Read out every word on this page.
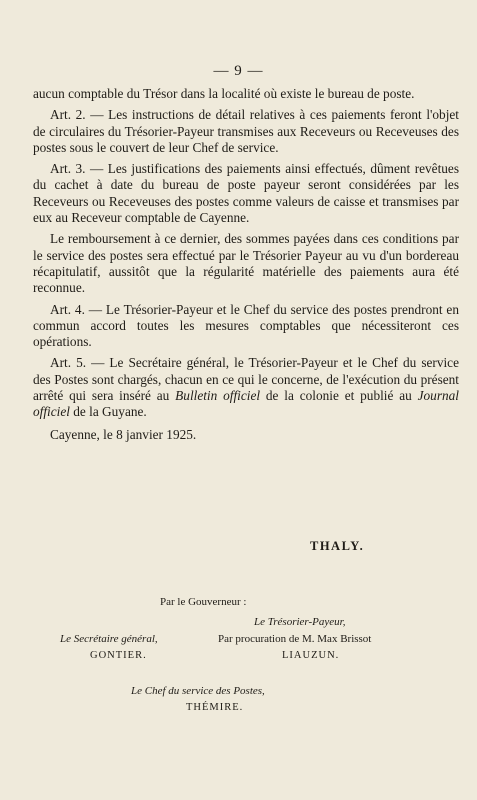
— 9 —

aucun comptable du Trésor dans la localité où existe le bureau de poste.

Art. 2. — Les instructions de détail relatives à ces paiements feront l'objet de circulaires du Trésorier-Payeur transmises aux Receveurs ou Receveuses des postes sous le couvert de leur Chef de service.

Art. 3. — Les justifications des paiements ainsi effectués, dûment revêtues du cachet à date du bureau de poste payeur seront considérées par les Receveurs ou Receveuses des postes comme valeurs de caisse et transmises par eux au Receveur comptable de Cayenne.

Le remboursement à ce dernier, des sommes payées dans ces conditions par le service des postes sera effectué par le Trésorier Payeur au vu d'un bordereau récapitulatif, aussitôt que la régularité matérielle des paiements aura été reconnue.

Art. 4. — Le Trésorier-Payeur et le Chef du service des postes prendront en commun accord toutes les mesures comptables que nécessiteront ces opérations.

Art. 5. — Le Secrétaire général, le Trésorier-Payeur et le Chef du service des Postes sont chargés, chacun en ce qui le concerne, de l'exécution du présent arrêté qui sera inséré au Bulletin officiel de la colonie et publié au Journal officiel de la Guyane.

Cayenne, le 8 janvier 1925.

THALY.
Par le Gouverneur :
Le Trésorier-Payeur,
Le Secrétaire général,	Par procuration de M. Max Brissot
GONTIER.	LIAUZUN.
Le Chef du service des Postes,
THÉMIRE.
